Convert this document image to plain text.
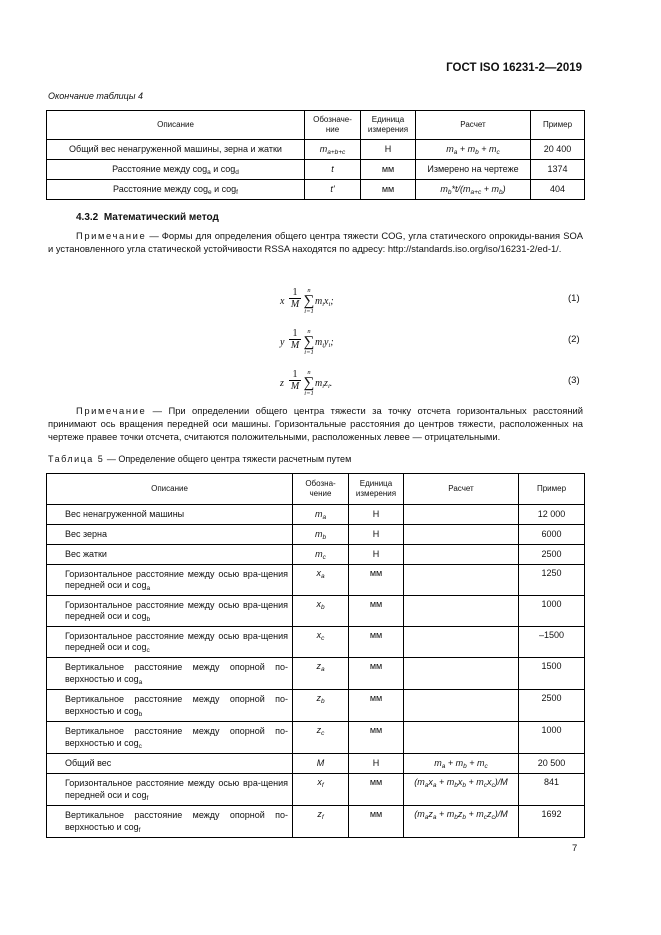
ГОСТ ISO 16231-2—2019
Окончание таблицы 4
Описание	Обозначе-ние	Единица измерения	Расчет	Пример
Общий вес ненагруженной машины, зерна и жатки	$m_{a+b+c}$	Н	$m_a + m_b + m_c$	20 400
Расстояние между cog$_a$ и cog$_d$	t	мм	Измерено на чертеже	1374
Расстояние между cog$_e$ и cog$_f$	t'	мм	$m_b*t/(m_{a+c} + m_b)$	404
4.3.2 Математический метод
Примечание — Формы для определения общего центра тяжести COG, угла статического опрокиды-вания SOA и установленного угла статической устойчивости RSSA находятся по адресу: http://standards.iso.org/iso/16231-2/ed-1/.
x $\frac{1}{M}$ n
∑
i=1
$m_ix_i$;	(1)
y $\frac{1}{M}$ n
∑
i=1
$m_iy_i$;	(2)
z $\frac{1}{M}$ n
∑
i=1
$m_iz_i$.	(3)
Примечание — При определении общего центра тяжести за точку отсчета горизонтальных расстояний принимают ось вращения передней оси машины. Горизонтальные расстояния до центров тяжести, расположенных на чертеже правее точки отсчета, считаются положительными, расположенных левее — отрицательными.
Таблица 5 — Определение общего центра тяжести расчетным путем
Описание	Обозна-чение	Единица измерения	Расчет	Пример
Вес ненагруженной машины	$m_a$	Н		12 000
Вес зерна	$m_b$	Н		6000
Вес жатки	$m_c$	Н		2500
Горизонтальное расстояние между осью вра-щения передней оси и cog$_a$	$x_a$	мм		1250
Горизонтальное расстояние между осью вра-щения передней оси и cog$_b$	$x_b$	мм		1000
Горизонтальное расстояние между осью вра-щения передней оси и cog$_c$	$x_c$	мм		–1500
Вертикальное расстояние между опорной по-верхностью и cog$_a$	$z_a$	мм		1500
Вертикальное расстояние между опорной по-верхностью и cog$_b$	$z_b$	мм		2500
Вертикальное расстояние между опорной по-верхностью и cog$_c$	$z_c$	мм		1000
Общий вес	M	Н	$m_a + m_b + m_c$	20 500
Горизонтальное расстояние между осью вра-щения передней оси и cog$_f$	$x_f$	мм	$(m_ax_a + m_bx_b + m_cx_c)/M$	841
Вертикальное расстояние между опорной по-верхностью и cog$_f$	$z_f$	мм	$(m_az_a + m_bz_b + m_cz_c)/M$	1692
7
